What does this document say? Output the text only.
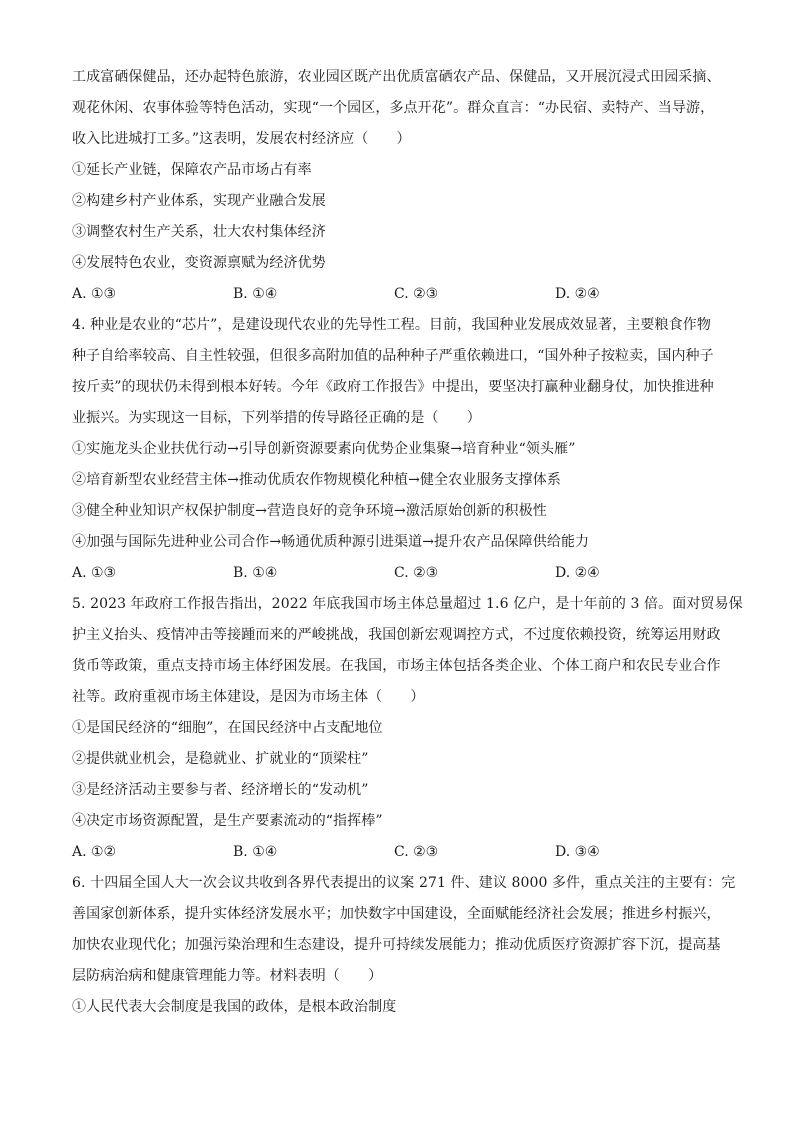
工成富硒保健品，还办起特色旅游，农业园区既产出优质富硒农产品、保健品，又开展沉浸式田园采摘、
观花休闲、农事体验等特色活动，实现“一个园区，多点开花”。群众直言：“办民宿、卖特产、当导游，
收入比进城打工多。”这表明，发展农村经济应（　　）
①延长产业链，保障农产品市场占有率
②构建乡村产业体系，实现产业融合发展
③调整农村生产关系，壮大农村集体经济
④发展特色农业，变资源禀赋为经济优势
A. ①③	B. ①④	C. ②③	D. ②④
4. 种业是农业的“芯片”，是建设现代农业的先导性工程。目前，我国种业发展成效显著，主要粮食作物
种子自给率较高、自主性较强，但很多高附加值的品种种子严重依赖进口，“国外种子按粒卖，国内种子
按斤卖”的现状仍未得到根本好转。今年《政府工作报告》中提出，要坚决打赢种业翻身仗，加快推进种
业振兴。为实现这一目标，下列举措的传导路径正确的是（　　）
①实施龙头企业扶优行动→引导创新资源要素向优势企业集聚→培育种业“领头雁”
②培育新型农业经营主体→推动优质农作物规模化种植→健全农业服务支撑体系
③健全种业知识产权保护制度→营造良好的竞争环境→激活原始创新的积极性
④加强与国际先进种业公司合作→畅通优质种源引进渠道→提升农产品保障供给能力
A. ①③	B. ①④	C. ②③	D. ②④
5. 2023 年政府工作报告指出，2022 年底我国市场主体总量超过 1.6 亿户，是十年前的 3 倍。面对贸易保
护主义抬头、疫情冲击等接踵而来的严峻挑战，我国创新宏观调控方式，不过度依赖投资，统筹运用财政
货币等政策，重点支持市场主体纾困发展。在我国，市场主体包括各类企业、个体工商户和农民专业合作
社等。政府重视市场主体建设，是因为市场主体（　　）
①是国民经济的“细胞”，在国民经济中占支配地位
②提供就业机会，是稳就业、扩就业的“顶梁柱”
③是经济活动主要参与者、经济增长的“发动机”
④决定市场资源配置，是生产要素流动的“指挥棒”
A. ①②	B. ①④	C. ②③	D. ③④
6. 十四届全国人大一次会议共收到各界代表提出的议案 271 件、建议 8000 多件，重点关注的主要有：完
善国家创新体系，提升实体经济发展水平；加快数字中国建设，全面赋能经济社会发展；推进乡村振兴，
加快农业现代化；加强污染治理和生态建设，提升可持续发展能力；推动优质医疗资源扩容下沉，提高基
层防病治病和健康管理能力等。材料表明（　　）
①人民代表大会制度是我国的政体，是根本政治制度
